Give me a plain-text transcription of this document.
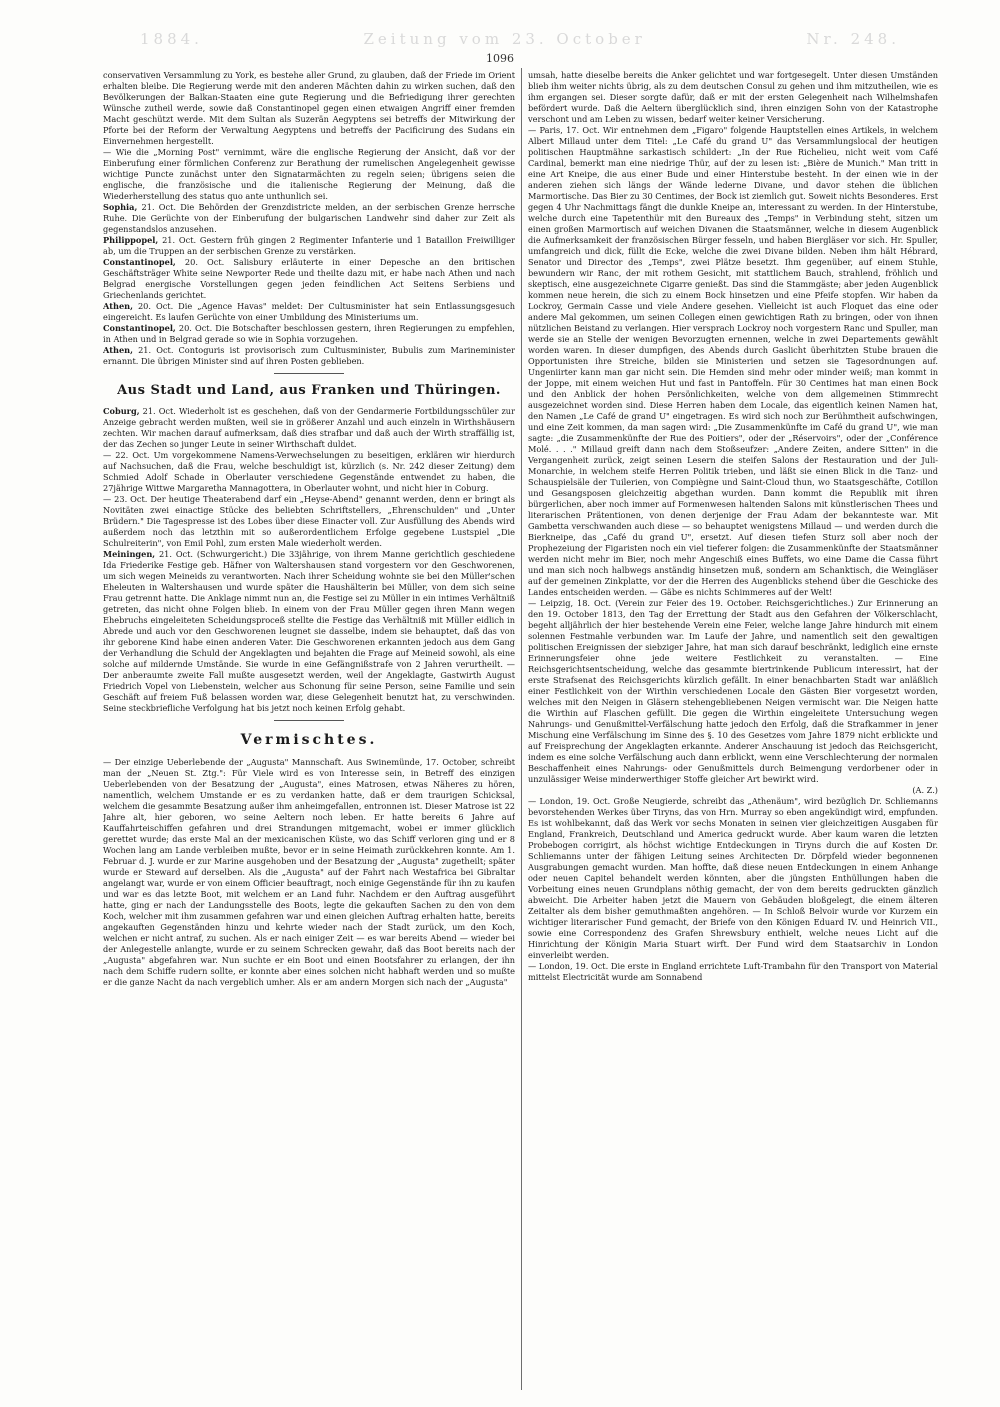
1884.	Zeitung vom 23. October	Nr. 248.
1096

conservativen Versammlung zu York, es bestehe aller Grund, zu glauben, daß der Friede im Orient erhalten bleibe. Die Regierung werde mit den anderen Mächten dahin zu wirken suchen, daß den Bevölkerungen der Balkan-Staaten eine gute Regierung und die Befriedigung ihrer gerechten Wünsche zutheil werde, sowie daß Constantinopel gegen einen etwaigen Angriff einer fremden Macht geschützt werde. Mit dem Sultan als Suzerän Aegyptens sei betreffs der Mitwirkung der Pforte bei der Reform der Verwaltung Aegyptens und betreffs der Pacificirung des Sudans ein Einvernehmen hergestellt.

— Wie die „Morning Post" vernimmt, wäre die englische Regierung der Ansicht, daß vor der Einberufung einer förmlichen Conferenz zur Berathung der rumelischen Angelegenheit gewisse wichtige Puncte zunächst unter den Signatarmächten zu regeln seien; übrigens seien die englische, die französische und die italienische Regierung der Meinung, daß die Wiederherstellung des status quo ante unthunlich sei.

Sophia, 21. Oct. Die Behörden der Grenzdistricte melden, an der serbischen Grenze herrsche Ruhe. Die Gerüchte von der Einberufung der bulgarischen Landwehr sind daher zur Zeit als gegenstandslos anzusehen.

Philippopel, 21. Oct. Gestern früh gingen 2 Regimenter Infanterie und 1 Bataillon Freiwilliger ab, um die Truppen an der serbischen Grenze zu verstärken.

Constantinopel, 20. Oct. Salisbury erläuterte in einer Depesche an den britischen Geschäftsträger White seine Newporter Rede und theilte dazu mit, er habe nach Athen und nach Belgrad energische Vorstellungen gegen jeden feindlichen Act Seitens Serbiens und Griechenlands gerichtet.

Athen, 20. Oct. Die „Agence Havas" meldet: Der Cultusminister hat sein Entlassungsgesuch eingereicht. Es laufen Gerüchte von einer Umbildung des Ministeriums um.

Constantinopel, 20. Oct. Die Botschafter beschlossen gestern, ihren Regierungen zu empfehlen, in Athen und in Belgrad gerade so wie in Sophia vorzugehen.

Athen, 21. Oct. Contoguris ist provisorisch zum Cultusminister, Bubulis zum Marineminister ernannt. Die übrigen Minister sind auf ihren Posten geblieben.

Aus Stadt und Land, aus Franken und Thüringen.

Coburg, 21. Oct. Wiederholt ist es geschehen, daß von der Gendarmerie Fortbildungsschüler zur Anzeige gebracht werden mußten, weil sie in größerer Anzahl und auch einzeln in Wirthshäusern zechten. Wir machen darauf aufmerksam, daß dies strafbar und daß auch der Wirth straffällig ist, der das Zechen so junger Leute in seiner Wirthschaft duldet.

— 22. Oct. Um vorgekommene Namens-Verwechselungen zu beseitigen, erklären wir hierdurch auf Nachsuchen, daß die Frau, welche beschuldigt ist, kürzlich (s. Nr. 242 dieser Zeitung) dem Schmied Adolf Schade in Oberlauter verschiedene Gegenstände entwendet zu haben, die 27jährige Wittwe Margaretha Mannagottera, in Oberlauter wohnt, und nicht hier in Coburg.

— 23. Oct. Der heutige Theaterabend darf ein „Heyse-Abend" genannt werden, denn er bringt als Novitäten zwei einactige Stücke des beliebten Schriftstellers, „Ehrenschulden" und „Unter Brüdern." Die Tagespresse ist des Lobes über diese Einacter voll. Zur Ausfüllung des Abends wird außerdem noch das letzthin mit so außerordentlichem Erfolge gegebene Lustspiel „Die Schulreiterin", von Emil Pohl, zum ersten Male wiederholt werden.

Meiningen, 21. Oct. (Schwurgericht.) Die 33jährige, von ihrem Manne gerichtlich geschiedene Ida Friederike Festige geb. Häfner von Waltershausen stand vorgestern vor den Geschworenen, um sich wegen Meineids zu verantworten. Nach ihrer Scheidung wohnte sie bei den Müller'schen Eheleuten in Waltershausen und wurde später die Haushälterin bei Müller, von dem sich seine Frau getrennt hatte. Die Anklage nimmt nun an, die Festige sei zu Müller in ein intimes Verhältniß getreten, das nicht ohne Folgen blieb. In einem von der Frau Müller gegen ihren Mann wegen Ehebruchs eingeleiteten Scheidungsproceß stellte die Festige das Verhältniß mit Müller eidlich in Abrede und auch vor den Geschworenen leugnet sie dasselbe, indem sie behauptet, daß das von ihr geborene Kind habe einen anderen Vater. Die Geschworenen erkannten jedoch aus dem Gang der Verhandlung die Schuld der Angeklagten und bejahten die Frage auf Meineid sowohl, als eine solche auf mildernde Umstände. Sie wurde in eine Gefängnißstrafe von 2 Jahren verurtheilt. — Der anberaumte zweite Fall mußte ausgesetzt werden, weil der Angeklagte, Gastwirth August Friedrich Vopel von Liebenstein, welcher aus Schonung für seine Person, seine Familie und sein Geschäft auf freiem Fuß belassen worden war, diese Gelegenheit benutzt hat, zu verschwinden. Seine steckbriefliche Verfolgung hat bis jetzt noch keinen Erfolg gehabt.

Vermischtes.

— Der einzige Ueberlebende der „Augusta" Mannschaft. Aus Swinemünde, 17. October, schreibt man der „Neuen St. Ztg.": Für Viele wird es von Interesse sein, in Betreff des einzigen Ueberlebenden von der Besatzung der „Augusta", eines Matrosen, etwas Näheres zu hören, namentlich, welchem Umstande er es zu verdanken hatte, daß er dem traurigen Schicksal, welchem die gesammte Besatzung außer ihm anheimgefallen, entronnen ist. Dieser Matrose ist 22 Jahre alt, hier geboren, wo seine Aeltern noch leben. Er hatte bereits 6 Jahre auf Kauffahrteischiffen gefahren und drei Strandungen mitgemacht, wobei er immer glücklich gerettet wurde; das erste Mal an der mexicanischen Küste, wo das Schiff verloren ging und er 8 Wochen lang am Lande verbleiben mußte, bevor er in seine Heimath zurückkehren konnte. Am 1. Februar d. J. wurde er zur Marine ausgehoben und der Besatzung der „Augusta" zugetheilt; später wurde er Steward auf derselben. Als die „Augusta" auf der Fahrt nach Westafrica bei Gibraltar angelangt war, wurde er von einem Officier beauftragt, noch einige Gegenstände für ihn zu kaufen und war es das letzte Boot, mit welchem er an Land fuhr. Nachdem er den Auftrag ausgeführt hatte, ging er nach der Landungsstelle des Boots, legte die gekauften Sachen zu den von dem Koch, welcher mit ihm zusammen gefahren war und einen gleichen Auftrag erhalten hatte, bereits angekauften Gegenständen hinzu und kehrte wieder nach der Stadt zurück, um den Koch, welchen er nicht antraf, zu suchen. Als er nach einiger Zeit — es war bereits Abend — wieder bei der Anlegestelle anlangte, wurde er zu seinem Schrecken gewahr, daß das Boot bereits nach der „Augusta" abgefahren war. Nun suchte er ein Boot und einen Bootsfahrer zu erlangen, der ihn nach dem Schiffe rudern sollte, er konnte aber eines solchen nicht habhaft werden und so mußte er die ganze Nacht da nach vergeblich umher. Als er am andern Morgen sich nach der „Augusta"

umsah, hatte dieselbe bereits die Anker gelichtet und war fortgesegelt. Unter diesen Umständen blieb ihm weiter nichts übrig, als zu dem deutschen Consul zu gehen und ihm mitzutheilen, wie es ihm ergangen sei. Dieser sorgte dafür, daß er mit der ersten Gelegenheit nach Wilhelmshafen befördert wurde. Daß die Aeltern überglücklich sind, ihren einzigen Sohn von der Katastrophe verschont und am Leben zu wissen, bedarf weiter keiner Versicherung.

— Paris, 17. Oct. Wir entnehmen dem „Figaro" folgende Hauptstellen eines Artikels, in welchem Albert Millaud unter dem Titel: „Le Café du grand U" das Versammlungslocal der heutigen politischen Hauptmähne sarkastisch schildert: „In der Rue Richelieu, nicht weit vom Café Cardinal, bemerkt man eine niedrige Thür, auf der zu lesen ist: „Bière de Munich." Man tritt in eine Art Kneipe, die aus einer Bude und einer Hinterstube besteht. In der einen wie in der anderen ziehen sich längs der Wände lederne Divane, und davor stehen die üblichen Marmortische. Das Bier zu 30 Centimes, der Bock ist ziemlich gut. Soweit nichts Besonderes. Erst gegen 4 Uhr Nachmittags fängt die dunkle Kneipe an, interessant zu werden. In der Hinterstube, welche durch eine Tapetenthür mit den Bureaux des „Temps" in Verbindung steht, sitzen um einen großen Marmortisch auf weichen Divanen die Staatsmänner, welche in diesem Augenblick die Aufmerksamkeit der französischen Bürger fesseln, und haben Biergläser vor sich. Hr. Spuller, umfangreich und dick, füllt die Ecke, welche die zwei Divane bilden. Neben ihm hält Hébrard, Senator und Director des „Temps", zwei Plätze besetzt. Ihm gegenüber, auf einem Stuhle, bewundern wir Ranc, der mit rothem Gesicht, mit stattlichem Bauch, strahlend, fröhlich und skeptisch, eine ausgezeichnete Cigarre genießt. Das sind die Stammgäste; aber jeden Augenblick kommen neue herein, die sich zu einem Bock hinsetzen und eine Pfeife stopfen. Wir haben da Lockroy, Germain Casse und viele Andere gesehen. Vielleicht ist auch Floquet das eine oder andere Mal gekommen, um seinen Collegen einen gewichtigen Rath zu bringen, oder von ihnen nützlichen Beistand zu verlangen. Hier versprach Lockroy noch vorgestern Ranc und Spuller, man werde sie an Stelle der wenigen Bevorzugten ernennen, welche in zwei Departements gewählt worden waren. In dieser dumpfigen, des Abends durch Gaslicht überhitzten Stube brauen die Opportunisten ihre Streiche, bilden sie Ministerien und setzen sie Tagesordnungen auf. Ungeniirter kann man gar nicht sein. Die Hemden sind mehr oder minder weiß; man kommt in der Joppe, mit einem weichen Hut und fast in Pantoffeln. Für 30 Centimes hat man einen Bock und den Anblick der hohen Persönlichkeiten, welche von dem allgemeinen Stimmrecht ausgezeichnet worden sind. Diese Herren haben dem Locale, das eigentlich keinen Namen hat, den Namen „Le Café de grand U" eingetragen. Es wird sich noch zur Berühmtheit aufschwingen, und eine Zeit kommen, da man sagen wird: „Die Zusammenkünfte im Café du grand U", wie man sagte: „die Zusammenkünfte der Rue des Poitiers", oder der „Réservoirs", oder der „Conférence Molé. . . ." Millaud greift dann nach dem Stoßseufzer: „Andere Zeiten, andere Sitten" in die Vergangenheit zurück, zeigt seinen Lesern die steifen Salons der Restauration und der Juli-Monarchie, in welchem steife Herren Politik trieben, und läßt sie einen Blick in die Tanz- und Schauspielsäle der Tuilerien, von Compiègne und Saint-Cloud thun, wo Staatsgeschäfte, Cotillon und Gesangsposen gleichzeitig abgethan wurden. Dann kommt die Republik mit ihren bürgerlichen, aber noch immer auf Formenwesen haltenden Salons mit künstlerischen Thees und literarischen Prätentionen, von denen derjenige der Frau Adam der bekannteste war. Mit Gambetta verschwanden auch diese — so behauptet wenigstens Millaud — und werden durch die Bierkneipe, das „Café du grand U", ersetzt. Auf diesen tiefen Sturz soll aber noch der Prophezeiung der Figaristen noch ein viel tieferer folgen: die Zusammenkünfte der Staatsmänner werden nicht mehr im Bier, noch mehr Angeschiß eines Buffets, wo eine Dame die Cassa führt und man sich noch halbwegs anständig hinsetzen muß, sondern am Schanktisch, die Weingläser auf der gemeinen Zinkplatte, vor der die Herren des Augenblicks stehend über die Geschicke des Landes entscheiden werden. — Gäbe es nichts Schimmeres auf der Welt!

— Leipzig, 18. Oct. (Verein zur Feier des 19. October. Reichsgerichtliches.) Zur Erinnerung an den 19. October 1813, den Tag der Errettung der Stadt aus den Gefahren der Völkerschlacht, begeht alljährlich der hier bestehende Verein eine Feier, welche lange Jahre hindurch mit einem solennen Festmahle verbunden war. Im Laufe der Jahre, und namentlich seit den gewaltigen politischen Ereignissen der siebziger Jahre, hat man sich darauf beschränkt, lediglich eine ernste Erinnerungsfeier ohne jede weitere Festlichkeit zu veranstalten. — Eine Reichsgerichtsentscheidung, welche das gesammte biertrinkende Publicum interessirt, hat der erste Strafsenat des Reichsgerichts kürzlich gefällt. In einer benachbarten Stadt war anläßlich einer Festlichkeit von der Wirthin verschiedenen Locale den Gästen Bier vorgesetzt worden, welches mit den Neigen in Gläsern stehengebliebenen Neigen vermischt war. Die Neigen hatte die Wirthin auf Flaschen gefüllt. Die gegen die Wirthin eingeleitete Untersuchung wegen Nahrungs- und Genußmittel-Verfälschung hatte jedoch den Erfolg, daß die Strafkammer in jener Mischung eine Verfälschung im Sinne des §. 10 des Gesetzes vom Jahre 1879 nicht erblickte und auf Freisprechung der Angeklagten erkannte. Anderer Anschauung ist jedoch das Reichsgericht, indem es eine solche Verfälschung auch dann erblickt, wenn eine Verschlechterung der normalen Beschaffenheit eines Nahrungs- oder Genußmittels durch Beimengung verdorbener oder in unzulässiger Weise minderwerthiger Stoffe gleicher Art bewirkt wird.

(A. Z.)

— London, 19. Oct. Große Neugierde, schreibt das „Athenäum", wird bezüglich Dr. Schliemanns bevorstehenden Werkes über Tiryns, das von Hrn. Murray so eben angekündigt wird, empfunden. Es ist wohlbekannt, daß das Werk vor sechs Monaten in seinen vier gleichzeitigen Ausgaben für England, Frankreich, Deutschland und America gedruckt wurde. Aber kaum waren die letzten Probebogen corrigirt, als höchst wichtige Entdeckungen in Tiryns durch die auf Kosten Dr. Schliemanns unter der fähigen Leitung seines Architecten Dr. Dörpfeld wieder begonnenen Ausgrabungen gemacht wurden. Man hoffte, daß diese neuen Entdeckungen in einem Anhange oder neuen Capitel behandelt werden könnten, aber die jüngsten Enthüllungen haben die Vorbeitung eines neuen Grundplans nöthig gemacht, der von dem bereits gedruckten gänzlich abweicht. Die Arbeiter haben jetzt die Mauern von Gebäuden bloßgelegt, die einem älteren Zeitalter als dem bisher gemuthmaßten angehören. — In Schloß Belvoir wurde vor Kurzem ein wichtiger literarischer Fund gemacht, der Briefe von den Königen Eduard IV. und Heinrich VII., sowie eine Correspondenz des Grafen Shrewsbury enthielt, welche neues Licht auf die Hinrichtung der Königin Maria Stuart wirft. Der Fund wird dem Staatsarchiv in London einverleibt werden.

— London, 19. Oct. Die erste in England errichtete Luft-Trambahn für den Transport von Material mittelst Electricität wurde am Sonnabend
